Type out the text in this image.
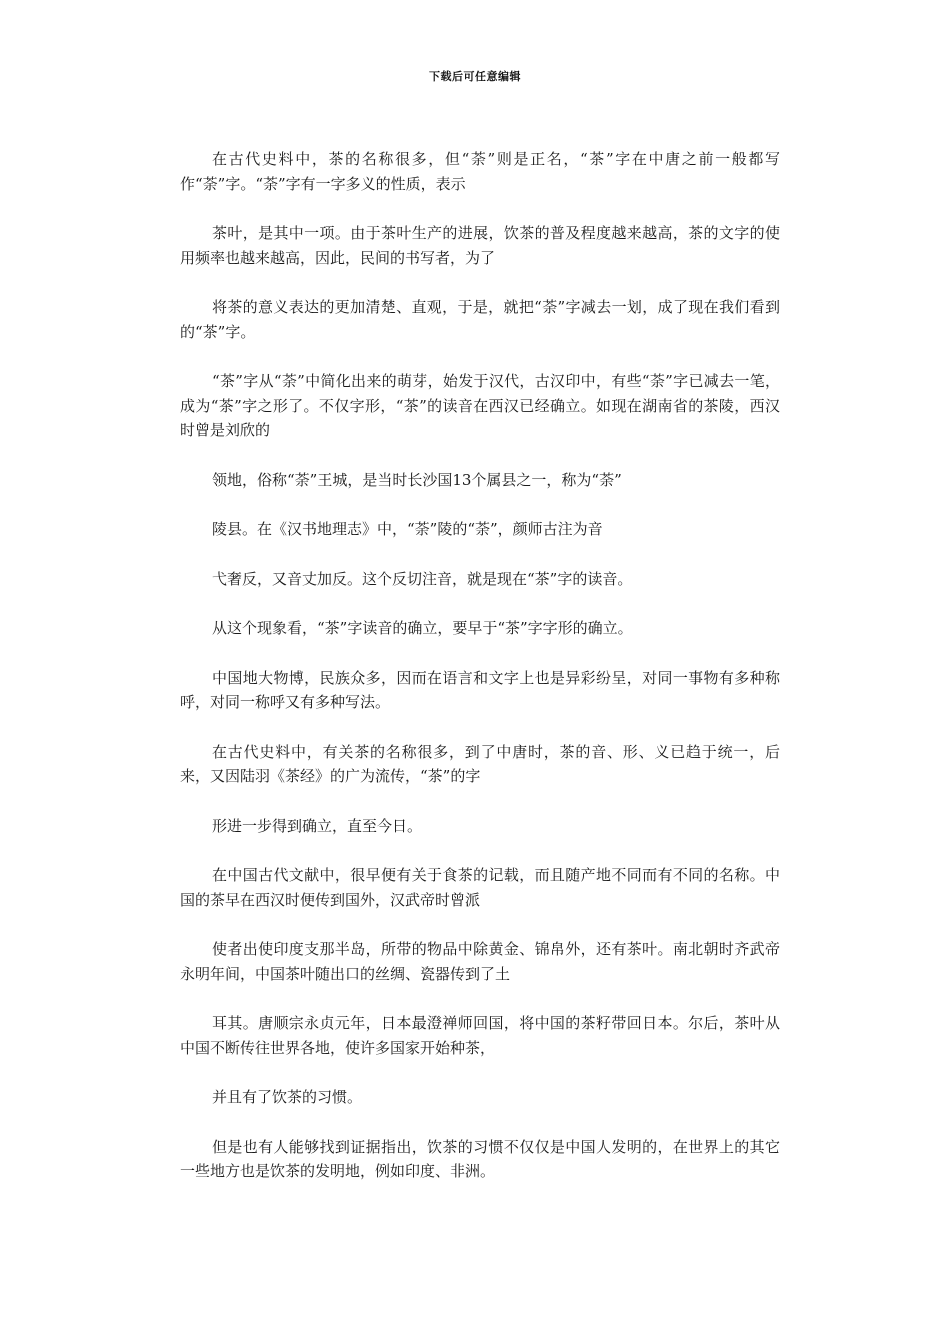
下载后可任意编辑

在古代史料中，茶的名称很多，但“荼”则是正名，“茶”字在中唐之前一般都写作“荼”字。“荼”字有一字多义的性质，表示

茶叶，是其中一项。由于茶叶生产的进展，饮茶的普及程度越来越高，茶的文字的使用频率也越来越高，因此，民间的书写者，为了

将茶的意义表达的更加清楚、直观，于是，就把“荼”字减去一划，成了现在我们看到的“茶”字。

“茶”字从“荼”中简化出来的萌芽，始发于汉代，古汉印中，有些“荼”字已减去一笔，成为“茶”字之形了。不仅字形，“茶”的读音在西汉已经确立。如现在湖南省的茶陵，西汉时曾是刘欣的

领地，俗称“荼”王城，是当时长沙国13个属县之一，称为“荼”

陵县。在《汉书地理志》中，“荼”陵的“荼”，颜师古注为音

弋奢反，又音丈加反。这个反切注音，就是现在“茶”字的读音。

从这个现象看，“茶”字读音的确立，要早于“茶”字字形的确立。

中国地大物博，民族众多，因而在语言和文字上也是异彩纷呈，对同一事物有多种称呼，对同一称呼又有多种写法。

在古代史料中，有关茶的名称很多，到了中唐时，茶的音、形、义已趋于统一，后来，又因陆羽《茶经》的广为流传，“茶”的字

形进一步得到确立，直至今日。

在中国古代文献中，很早便有关于食茶的记载，而且随产地不同而有不同的名称。中国的茶早在西汉时便传到国外，汉武帝时曾派

使者出使印度支那半岛，所带的物品中除黄金、锦帛外，还有茶叶。南北朝时齐武帝永明年间，中国茶叶随出口的丝绸、瓷器传到了土

耳其。唐顺宗永贞元年，日本最澄禅师回国，将中国的茶籽带回日本。尔后，茶叶从中国不断传往世界各地，使许多国家开始种茶，

并且有了饮茶的习惯。

但是也有人能够找到证据指出，饮茶的习惯不仅仅是中国人发明的，在世界上的其它一些地方也是饮茶的发明地，例如印度、非洲。
